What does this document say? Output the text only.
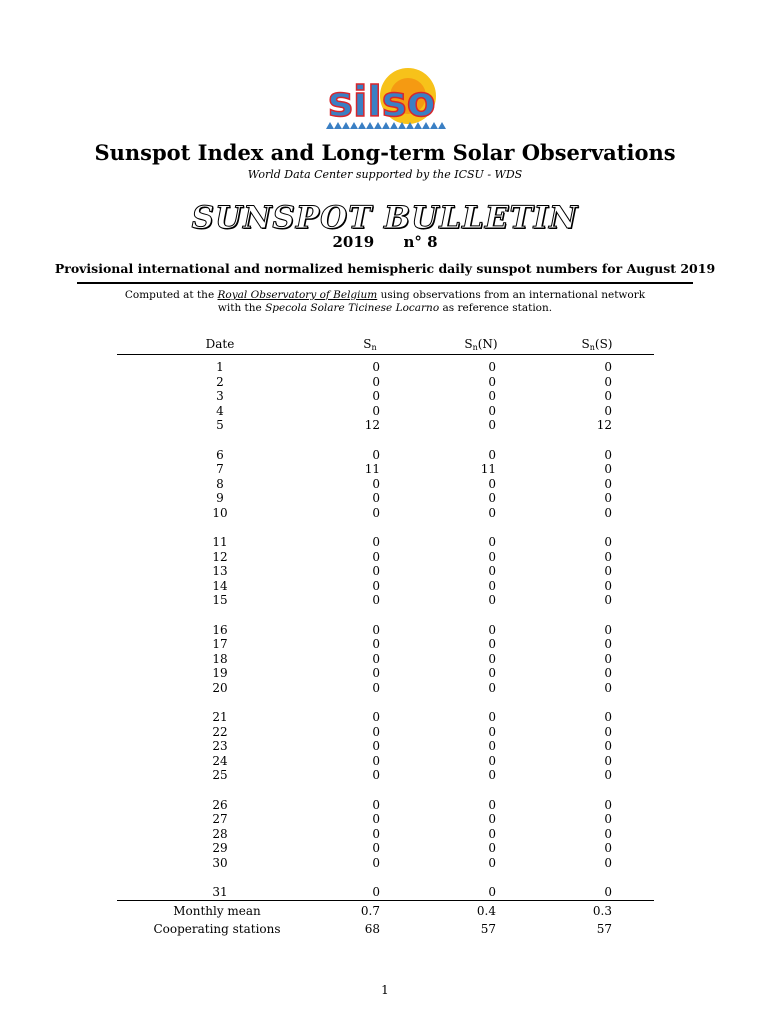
silso
Sunspot Index and Long-term Solar Observations
World Data Center supported by the ICSU - WDS
SUNSPOT BULLETIN
2019 n° 8
Provisional international and normalized hemispheric daily sunspot numbers for August 2019
Computed at the Royal Observatory of Belgium using observations from an international network
with the Specola Solare Ticinese Locarno as reference station.
Date	$S_n$	$S_n(N)$	$S_n(S)$
1	0	0	0
2	0	0	0
3	0	0	0
4	0	0	0
5	12	0	12
6	0	0	0
7	11	11	0
8	0	0	0
9	0	0	0
10	0	0	0
11	0	0	0
12	0	0	0
13	0	0	0
14	0	0	0
15	0	0	0
16	0	0	0
17	0	0	0
18	0	0	0
19	0	0	0
20	0	0	0
21	0	0	0
22	0	0	0
23	0	0	0
24	0	0	0
25	0	0	0
26	0	0	0
27	0	0	0
28	0	0	0
29	0	0	0
30	0	0	0
31	0	0	0
Monthly mean	0.7	0.4	0.3
Cooperating stations	68	57	57
1
